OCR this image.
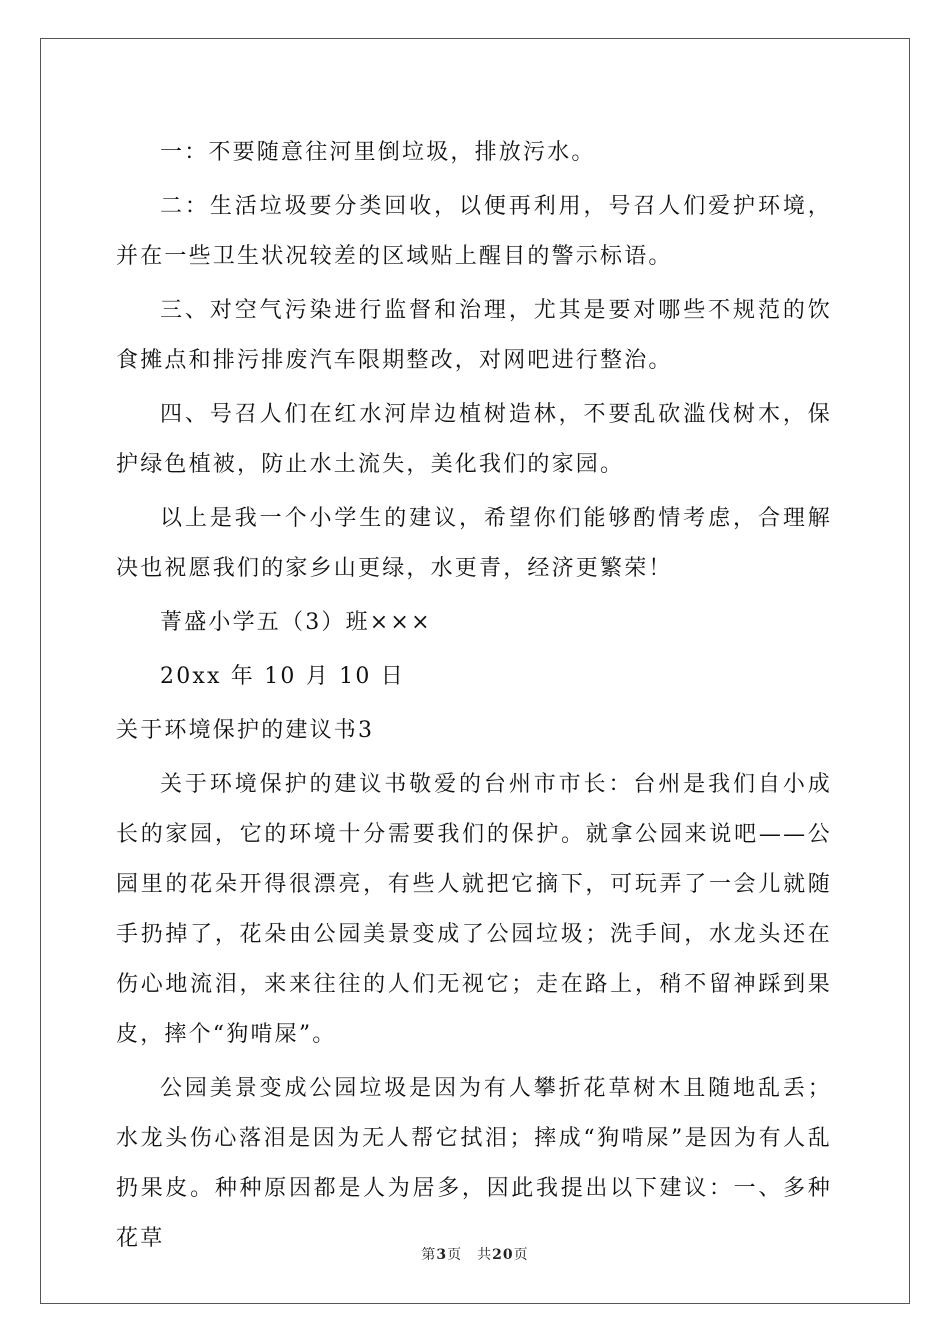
一：不要随意往河里倒垃圾，排放污水。

二：生活垃圾要分类回收，以便再利用，号召人们爱护环境，并在一些卫生状况较差的区域贴上醒目的警示标语。

三、对空气污染进行监督和治理，尤其是要对哪些不规范的饮食摊点和排污排废汽车限期整改，对网吧进行整治。

四、号召人们在红水河岸边植树造林，不要乱砍滥伐树木，保护绿色植被，防止水土流失，美化我们的家园。

以上是我一个小学生的建议，希望你们能够酌情考虑，合理解决也祝愿我们的家乡山更绿，水更青，经济更繁荣！

菁盛小学五（3）班×××

20xx 年 10 月 10 日

关于环境保护的建议书3

关于环境保护的建议书敬爱的台州市市长：台州是我们自小成长的家园，它的环境十分需要我们的保护。就拿公园来说吧——公园里的花朵开得很漂亮，有些人就把它摘下，可玩弄了一会儿就随手扔掉了，花朵由公园美景变成了公园垃圾；洗手间，水龙头还在伤心地流泪，来来往往的人们无视它；走在路上，稍不留神踩到果皮，摔个“狗啃屎”。

公园美景变成公园垃圾是因为有人攀折花草树木且随地乱丢；水龙头伤心落泪是因为无人帮它拭泪；摔成“狗啃屎”是因为有人乱扔果皮。种种原因都是人为居多，因此我提出以下建议：一、多种花草

第3页　共20页
